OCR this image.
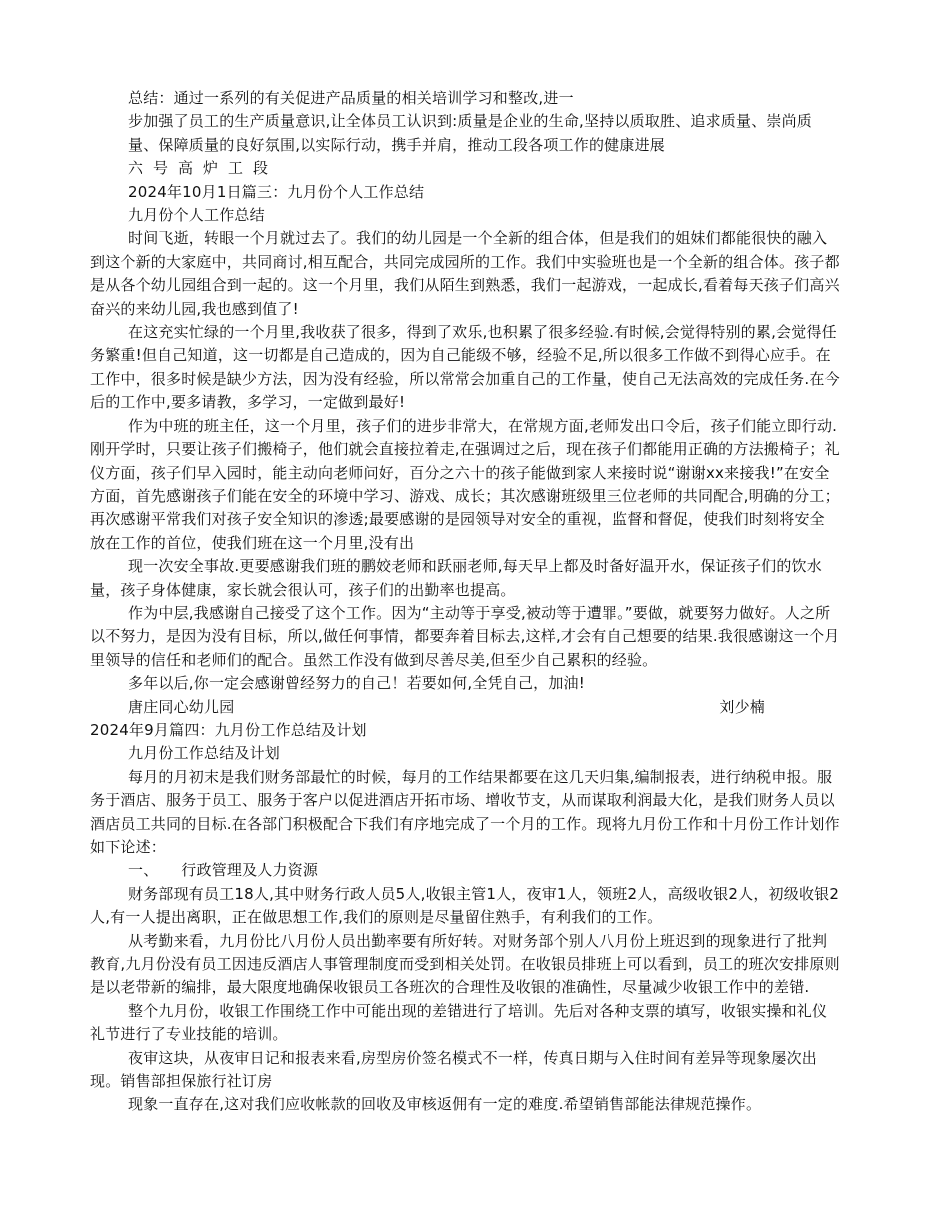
总结：通过一系列的有关促进产品质量的相关培训学习和整改,进一

步加强了员工的生产质量意识,让全体员工认识到:质量是企业的生命,坚持以质取胜、追求质量、崇尚质量、保障质量的良好氛围,以实际行动，携手并肩，推动工段各项工作的健康进展

六号高炉工段

2024年10月1日篇三：九月份个人工作总结

九月份个人工作总结

时间飞逝，转眼一个月就过去了。我们的幼儿园是一个全新的组合体，但是我们的姐妹们都能很快的融入到这个新的大家庭中，共同商讨,相互配合，共同完成园所的工作。我们中实验班也是一个全新的组合体。孩子都是从各个幼儿园组合到一起的。这一个月里，我们从陌生到熟悉，我们一起游戏，一起成长,看着每天孩子们高兴奋兴的来幼儿园,我也感到值了!

在这充实忙绿的一个月里,我收获了很多，得到了欢乐,也积累了很多经验.有时候,会觉得特别的累,会觉得任务繁重!但自己知道，这一切都是自己造成的，因为自己能级不够，经验不足,所以很多工作做不到得心应手。在工作中，很多时候是缺少方法，因为没有经验，所以常常会加重自己的工作量，使自己无法高效的完成任务.在今后的工作中,要多请教，多学习，一定做到最好!

作为中班的班主任，这一个月里，孩子们的进步非常大，在常规方面,老师发出口令后，孩子们能立即行动.刚开学时，只要让孩子们搬椅子，他们就会直接拉着走,在强调过之后，现在孩子们都能用正确的方法搬椅子；礼仪方面，孩子们早入园时，能主动向老师问好，百分之六十的孩子能做到家人来接时说“谢谢xx来接我!”在安全方面，首先感谢孩子们能在安全的环境中学习、游戏、成长；其次感谢班级里三位老师的共同配合,明确的分工；再次感谢平常我们对孩子安全知识的渗透;最要感谢的是园领导对安全的重视，监督和督促，使我们时刻将安全放在工作的首位，使我们班在这一个月里,没有出

现一次安全事故.更要感谢我们班的鹏姣老师和跃丽老师,每天早上都及时备好温开水，保证孩子们的饮水量，孩子身体健康，家长就会很认可，孩子们的出勤率也提高。

作为中层,我感谢自己接受了这个工作。因为“主动等于享受,被动等于遭罪。”要做，就要努力做好。人之所以不努力，是因为没有目标，所以,做任何事情，都要奔着目标去,这样,才会有自己想要的结果.我很感谢这一个月里领导的信任和老师们的配合。虽然工作没有做到尽善尽美,但至少自己累积的经验。

多年以后,你一定会感谢曾经努力的自己！若要如何,全凭自己，加油!

唐庄同心幼儿园	刘少楠

2024年9月篇四：九月份工作总结及计划

九月份工作总结及计划

每月的月初末是我们财务部最忙的时候，每月的工作结果都要在这几天归集,编制报表，进行纳税申报。服务于酒店、服务于员工、服务于客户以促进酒店开拓市场、增收节支，从而谋取利润最大化，是我们财务人员以酒店员工共同的目标.在各部门积极配合下我们有序地完成了一个月的工作。现将九月份工作和十月份工作计划作如下论述：

一、　　行政管理及人力资源

财务部现有员工18人,其中财务行政人员5人,收银主管1人，夜审1人，领班2人，高级收银2人，初级收银2人,有一人提出离职，正在做思想工作,我们的原则是尽量留住熟手，有利我们的工作。

从考勤来看，九月份比八月份人员出勤率要有所好转。对财务部个别人八月份上班迟到的现象进行了批判教育,九月份没有员工因违反酒店人事管理制度而受到相关处罚。在收银员排班上可以看到，员工的班次安排原则是以老带新的编排，最大限度地确保收银员工各班次的合理性及收银的准确性，尽量减少收银工作中的差错.

整个九月份，收银工作围绕工作中可能出现的差错进行了培训。先后对各种支票的填写，收银实操和礼仪礼节进行了专业技能的培训。

夜审这块，从夜审日记和报表来看,房型房价签名模式不一样，传真日期与入住时间有差异等现象屡次出现。销售部担保旅行社订房

现象一直存在,这对我们应收帐款的回收及审核返佣有一定的难度.希望销售部能法律规范操作。
